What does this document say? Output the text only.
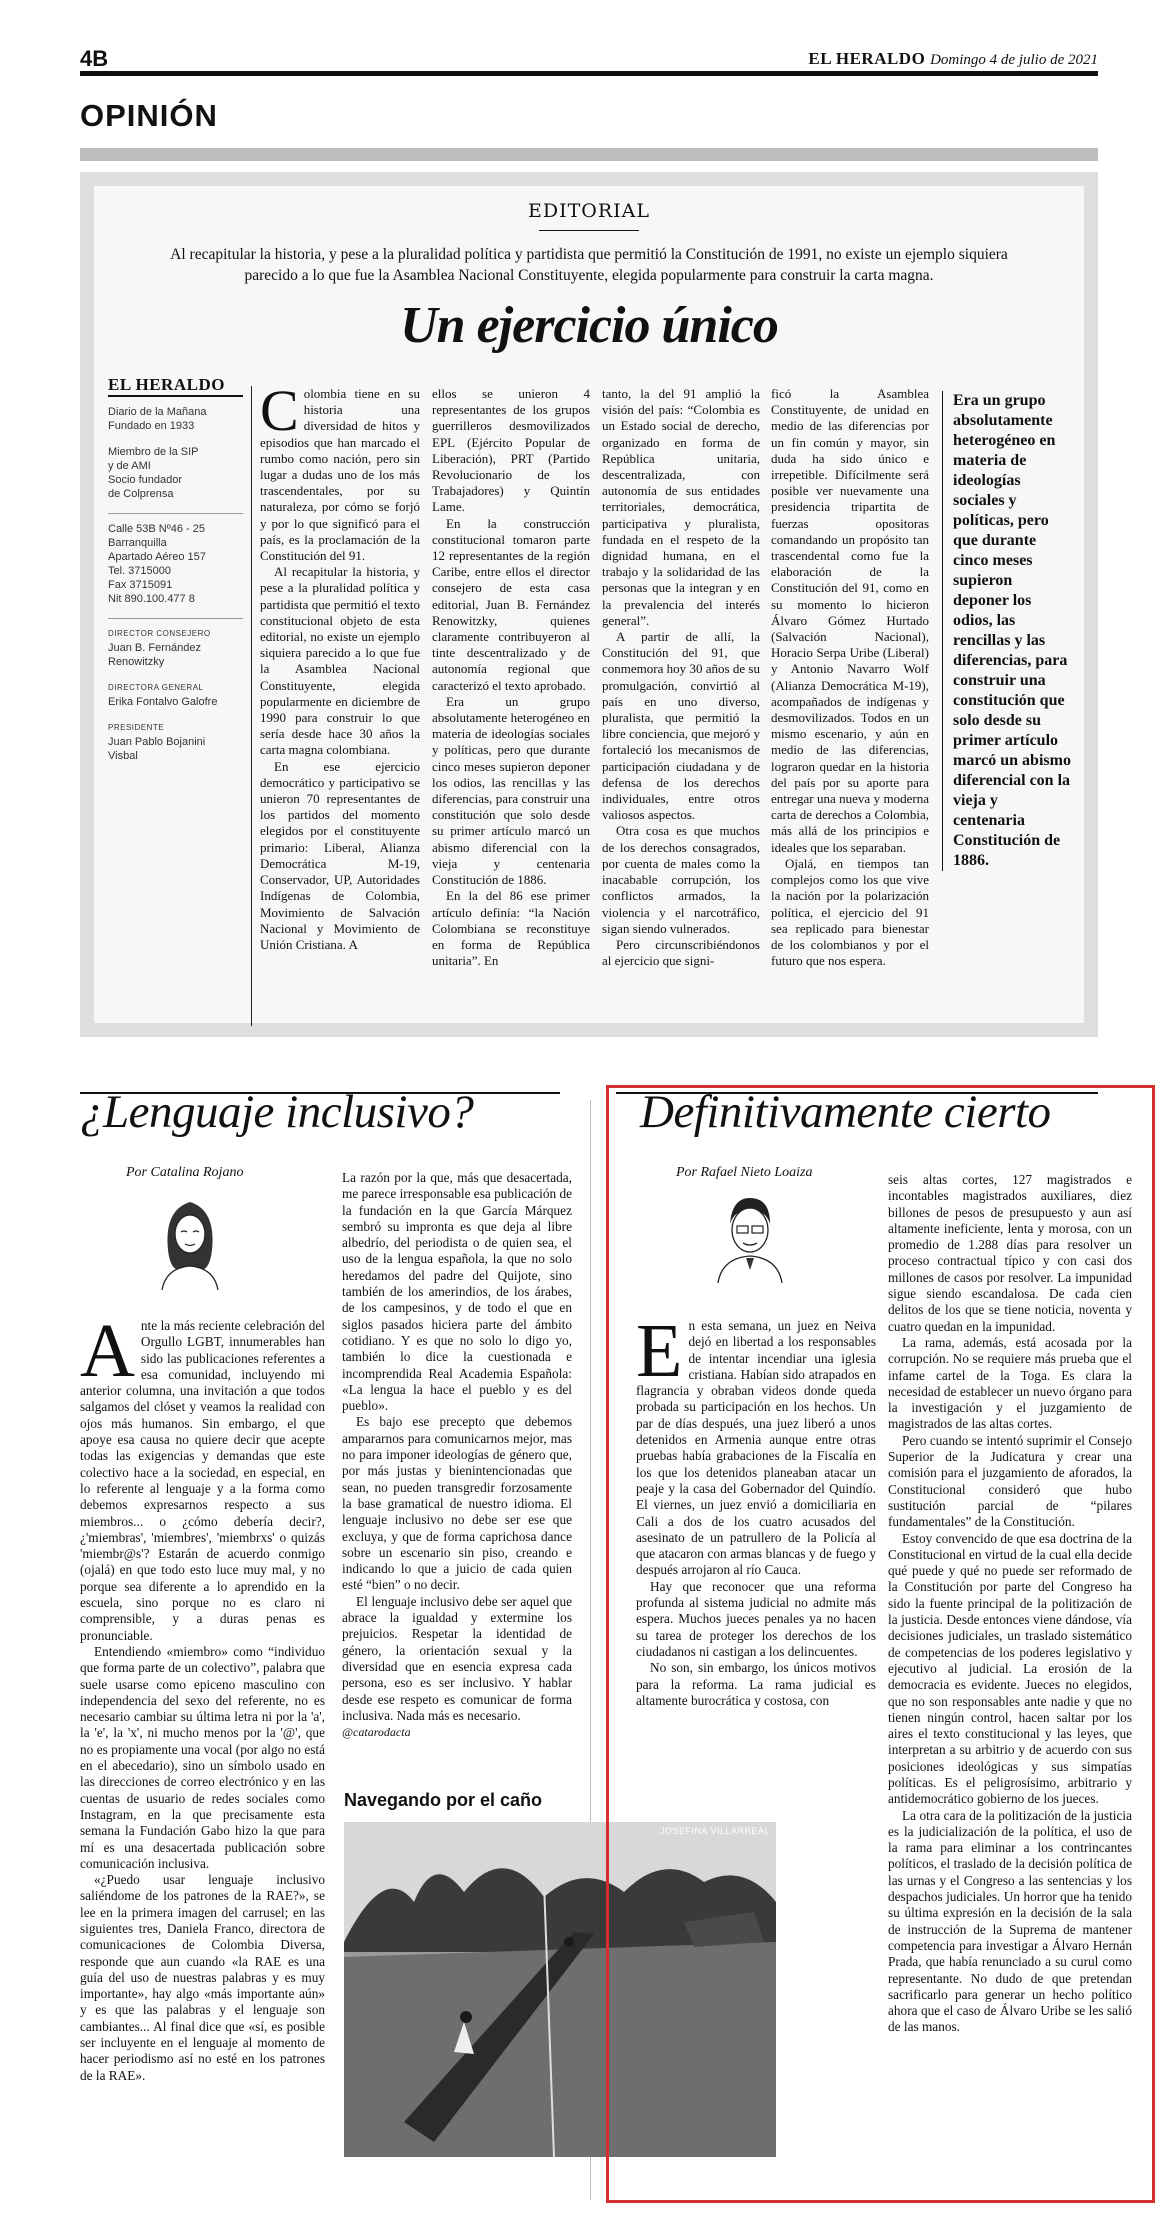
4B	EL HERALDO Domingo 4 de julio de 2021
OPINIÓN
EDITORIAL
Al recapitular la historia, y pese a la pluralidad política y partidista que permitió la Constitución de 1991, no existe un ejemplo siquiera parecido a lo que fue la Asamblea Nacional Constituyente, elegida popularmente para construir la carta magna.
Un ejercicio único
EL HERALDO
Diario de la Mañana
Fundado en 1933
Miembro de la SIP
y de AMI
Socio fundador
de Colprensa
Calle 53B Nº46 - 25
Barranquilla
Apartado Aéreo 157
Tel. 3715000
Fax 3715091
Nit 890.100.477 8
DIRECTOR CONSEJERO
Juan B. Fernández
Renowitzky
DIRECTORA GENERAL
Erika Fontalvo Galofre
PRESIDENTE
Juan Pablo Bojanini
Visbal

Colombia tiene en su historia una diversidad de hitos y episodios que han marcado el rumbo como nación, pero sin lugar a dudas uno de los más trascendentales, por su naturaleza, por cómo se forjó y por lo que significó para el país, es la proclamación de la Constitución del 91.

Al recapitular la historia, y pese a la pluralidad política y partidista que permitió el texto constitucional objeto de esta editorial, no existe un ejemplo siquiera parecido a lo que fue la Asamblea Nacional Constituyente, elegida popularmente en diciembre de 1990 para construir lo que sería desde hace 30 años la carta magna colombiana.

En ese ejercicio democrático y participativo se unieron 70 representantes de los partidos del momento elegidos por el constituyente primario: Liberal, Alianza Democrática M-19, Conservador, UP, Autoridades Indígenas de Colombia, Movimiento de Salvación Nacional y Movimiento de Unión Cristiana. A

ellos se unieron 4 representantes de los grupos guerrilleros desmovilizados EPL (Ejército Popular de Liberación), PRT (Partido Revolucionario de los Trabajadores) y Quintín Lame.

En la construcción constitucional tomaron parte 12 representantes de la región Caribe, entre ellos el director consejero de esta casa editorial, Juan B. Fernández Renowitzky, quienes claramente contribuyeron al tinte descentralizado y de autonomía regional que caracterizó el texto aprobado.

Era un grupo absolutamente heterogéneo en materia de ideologías sociales y políticas, pero que durante cinco meses supieron deponer los odios, las rencillas y las diferencias, para construir una constitución que solo desde su primer artículo marcó un abismo diferencial con la vieja y centenaria Constitución de 1886.

En la del 86 ese primer artículo definía: “la Nación Colombiana se reconstituye en forma de República unitaria”. En

tanto, la del 91 amplió la visión del país: “Colombia es un Estado social de derecho, organizado en forma de República unitaria, descentralizada, con autonomía de sus entidades territoriales, democrática, participativa y pluralista, fundada en el respeto de la dignidad humana, en el trabajo y la solidaridad de las personas que la integran y en la prevalencia del interés general”.

A partir de allí, la Constitución del 91, que conmemora hoy 30 años de su promulgación, convirtió al país en uno diverso, pluralista, que permitió la libre conciencia, que mejoró y fortaleció los mecanismos de participación ciudadana y de defensa de los derechos individuales, entre otros valiosos aspectos.

Otra cosa es que muchos de los derechos consagrados, por cuenta de males como la inacabable corrupción, los conflictos armados, la violencia y el narcotráfico, sigan siendo vulnerados.

Pero circunscribiéndonos al ejercicio que signi-

ficó la Asamblea Constituyente, de unidad en medio de las diferencias por un fin común y mayor, sin duda ha sido único e irrepetible. Difícilmente será posible ver nuevamente una presidencia tripartita de fuerzas opositoras comandando un propósito tan trascendental como fue la elaboración de la Constitución del 91, como en su momento lo hicieron Álvaro Gómez Hurtado (Salvación Nacional), Horacio Serpa Uribe (Liberal) y Antonio Navarro Wolf (Alianza Democrática M-19), acompañados de indígenas y desmovilizados. Todos en un mismo escenario, y aún en medio de las diferencias, lograron quedar en la historia del país por su aporte para entregar una nueva y moderna carta de derechos a Colombia, más allá de los principios e ideales que los separaban.

Ojalá, en tiempos tan complejos como los que vive la nación por la polarización política, el ejercicio del 91 sea replicado para bienestar de los colombianos y por el futuro que nos espera.

Era un grupo absolutamente heterogéneo en materia de ideologías sociales y políticas, pero que durante cinco meses supieron deponer los odios, las rencillas y las diferencias, para construir una constitución que solo desde su primer artículo marcó un abismo diferencial con la vieja y centenaria Constitución de 1886.
¿Lenguaje inclusivo?
Por Catalina Rojano

Ante la más reciente celebración del Orgullo LGBT, innumerables han sido las publicaciones referentes a esa comunidad, incluyendo mi anterior columna, una invitación a que todos salgamos del clóset y veamos la realidad con ojos más humanos. Sin embargo, el que apoye esa causa no quiere decir que acepte todas las exigencias y demandas que este colectivo hace a la sociedad, en especial, en lo referente al lenguaje y a la forma como debemos expresarnos respecto a sus miembros... o ¿cómo debería decir?, ¿'miembras', 'miembres', 'miembrxs' o quizás 'miembr@s'? Estarán de acuerdo conmigo (ojalá) en que todo esto luce muy mal, y no porque sea diferente a lo aprendido en la escuela, sino porque no es claro ni comprensible, y a duras penas es pronunciable.

Entendiendo «miembro» como “individuo que forma parte de un colectivo”, palabra que suele usarse como epiceno masculino con independencia del sexo del referente, no es necesario cambiar su última letra ni por la 'a', la 'e', la 'x', ni mucho menos por la '@', que no es propiamente una vocal (por algo no está en el abecedario), sino un símbolo usado en las direcciones de correo electrónico y en las cuentas de usuario de redes sociales como Instagram, en la que precisamente esta semana la Fundación Gabo hizo la que para mí es una desacertada publicación sobre comunicación inclusiva.

«¿Puedo usar lenguaje inclusivo saliéndome de los patrones de la RAE?», se lee en la primera imagen del carrusel; en las siguientes tres, Daniela Franco, directora de comunicaciones de Colombia Diversa, responde que aun cuando «la RAE es una guía del uso de nuestras palabras y es muy importante», hay algo «más importante aún» y es que las palabras y el lenguaje son cambiantes... Al final dice que «sí, es posible ser incluyente en el lenguaje al momento de hacer periodismo así no esté en los patrones de la RAE».

La razón por la que, más que desacertada, me parece irresponsable esa publicación de la fundación en la que García Márquez sembró su impronta es que deja al libre albedrío, del periodista o de quien sea, el uso de la lengua española, la que no solo heredamos del padre del Quijote, sino también de los amerindios, de los árabes, de los campesinos, y de todo el que en siglos pasados hiciera parte del ámbito cotidiano. Y es que no solo lo digo yo, también lo dice la cuestionada e incomprendida Real Academia Española: «La lengua la hace el pueblo y es del pueblo».

Es bajo ese precepto que debemos ampararnos para comunicarnos mejor, mas no para imponer ideologías de género que, por más justas y bienintencionadas que sean, no pueden transgredir forzosamente la base gramatical de nuestro idioma. El lenguaje inclusivo no debe ser ese que excluya, y que de forma caprichosa dance sobre un escenario sin piso, creando e indicando lo que a juicio de cada quien esté “bien” o no decir.

El lenguaje inclusivo debe ser aquel que abrace la igualdad y extermine los prejuicios. Respetar la identidad de género, la orientación sexual y la diversidad que en esencia expresa cada persona, eso es ser inclusivo. Y hablar desde ese respeto es comunicar de forma inclusiva. Nada más es necesario.

@catarodacta

Navegando por el caño
JOSEFINA VILLARREAL
Definitivamente cierto
Por Rafael Nieto Loaiza

En esta semana, un juez en Neiva dejó en libertad a los responsables de intentar incendiar una iglesia cristiana. Habían sido atrapados en flagrancia y obraban videos donde queda probada su participación en los hechos. Un par de días después, una juez liberó a unos detenidos en Armenia aunque entre otras pruebas había grabaciones de la Fiscalía en los que los detenidos planeaban atacar un peaje y la casa del Gobernador del Quindío. El viernes, un juez envió a domiciliaria en Cali a dos de los cuatro acusados del asesinato de un patrullero de la Policía al que atacaron con armas blancas y de fuego y después arrojaron al río Cauca.

Hay que reconocer que una reforma profunda al sistema judicial no admite más espera. Muchos jueces penales ya no hacen su tarea de proteger los derechos de los ciudadanos ni castigan a los delincuentes.

No son, sin embargo, los únicos motivos para la reforma. La rama judicial es altamente burocrática y costosa, con

seis altas cortes, 127 magistrados e incontables magistrados auxiliares, diez billones de pesos de presupuesto y aun así altamente ineficiente, lenta y morosa, con un promedio de 1.288 días para resolver un proceso contractual típico y con casi dos millones de casos por resolver. La impunidad sigue siendo escandalosa. De cada cien delitos de los que se tiene noticia, noventa y cuatro quedan en la impunidad.

La rama, además, está acosada por la corrupción. No se requiere más prueba que el infame cartel de la Toga. Es clara la necesidad de establecer un nuevo órgano para la investigación y el juzgamiento de magistrados de las altas cortes.

Pero cuando se intentó suprimir el Consejo Superior de la Judicatura y crear una comisión para el juzgamiento de aforados, la Constitucional consideró que hubo sustitución parcial de “pilares fundamentales” de la Constitución.

Estoy convencido de que esa doctrina de la Constitucional en virtud de la cual ella decide qué puede y qué no puede ser reformado de la Constitución por parte del Congreso ha sido la fuente principal de la politización de la justicia. Desde entonces viene dándose, vía decisiones judiciales, un traslado sistemático de competencias de los poderes legislativo y ejecutivo al judicial. La erosión de la democracia es evidente. Jueces no elegidos, que no son responsables ante nadie y que no tienen ningún control, hacen saltar por los aires el texto constitucional y las leyes, que interpretan a su arbitrio y de acuerdo con sus posiciones ideológicas y sus simpatías políticas. Es el peligrosísimo, arbitrario y antidemocrático gobierno de los jueces.

La otra cara de la politización de la justicia es la judicialización de la política, el uso de la rama para eliminar a los contrincantes políticos, el traslado de la decisión política de las urnas y el Congreso a las sentencias y los despachos judiciales. Un horror que ha tenido su última expresión en la decisión de la sala de instrucción de la Suprema de mantener competencia para investigar a Álvaro Hernán Prada, que había renunciado a su curul como representante. No dudo de que pretendan sacrificarlo para generar un hecho político ahora que el caso de Álvaro Uribe se les salió de las manos.
